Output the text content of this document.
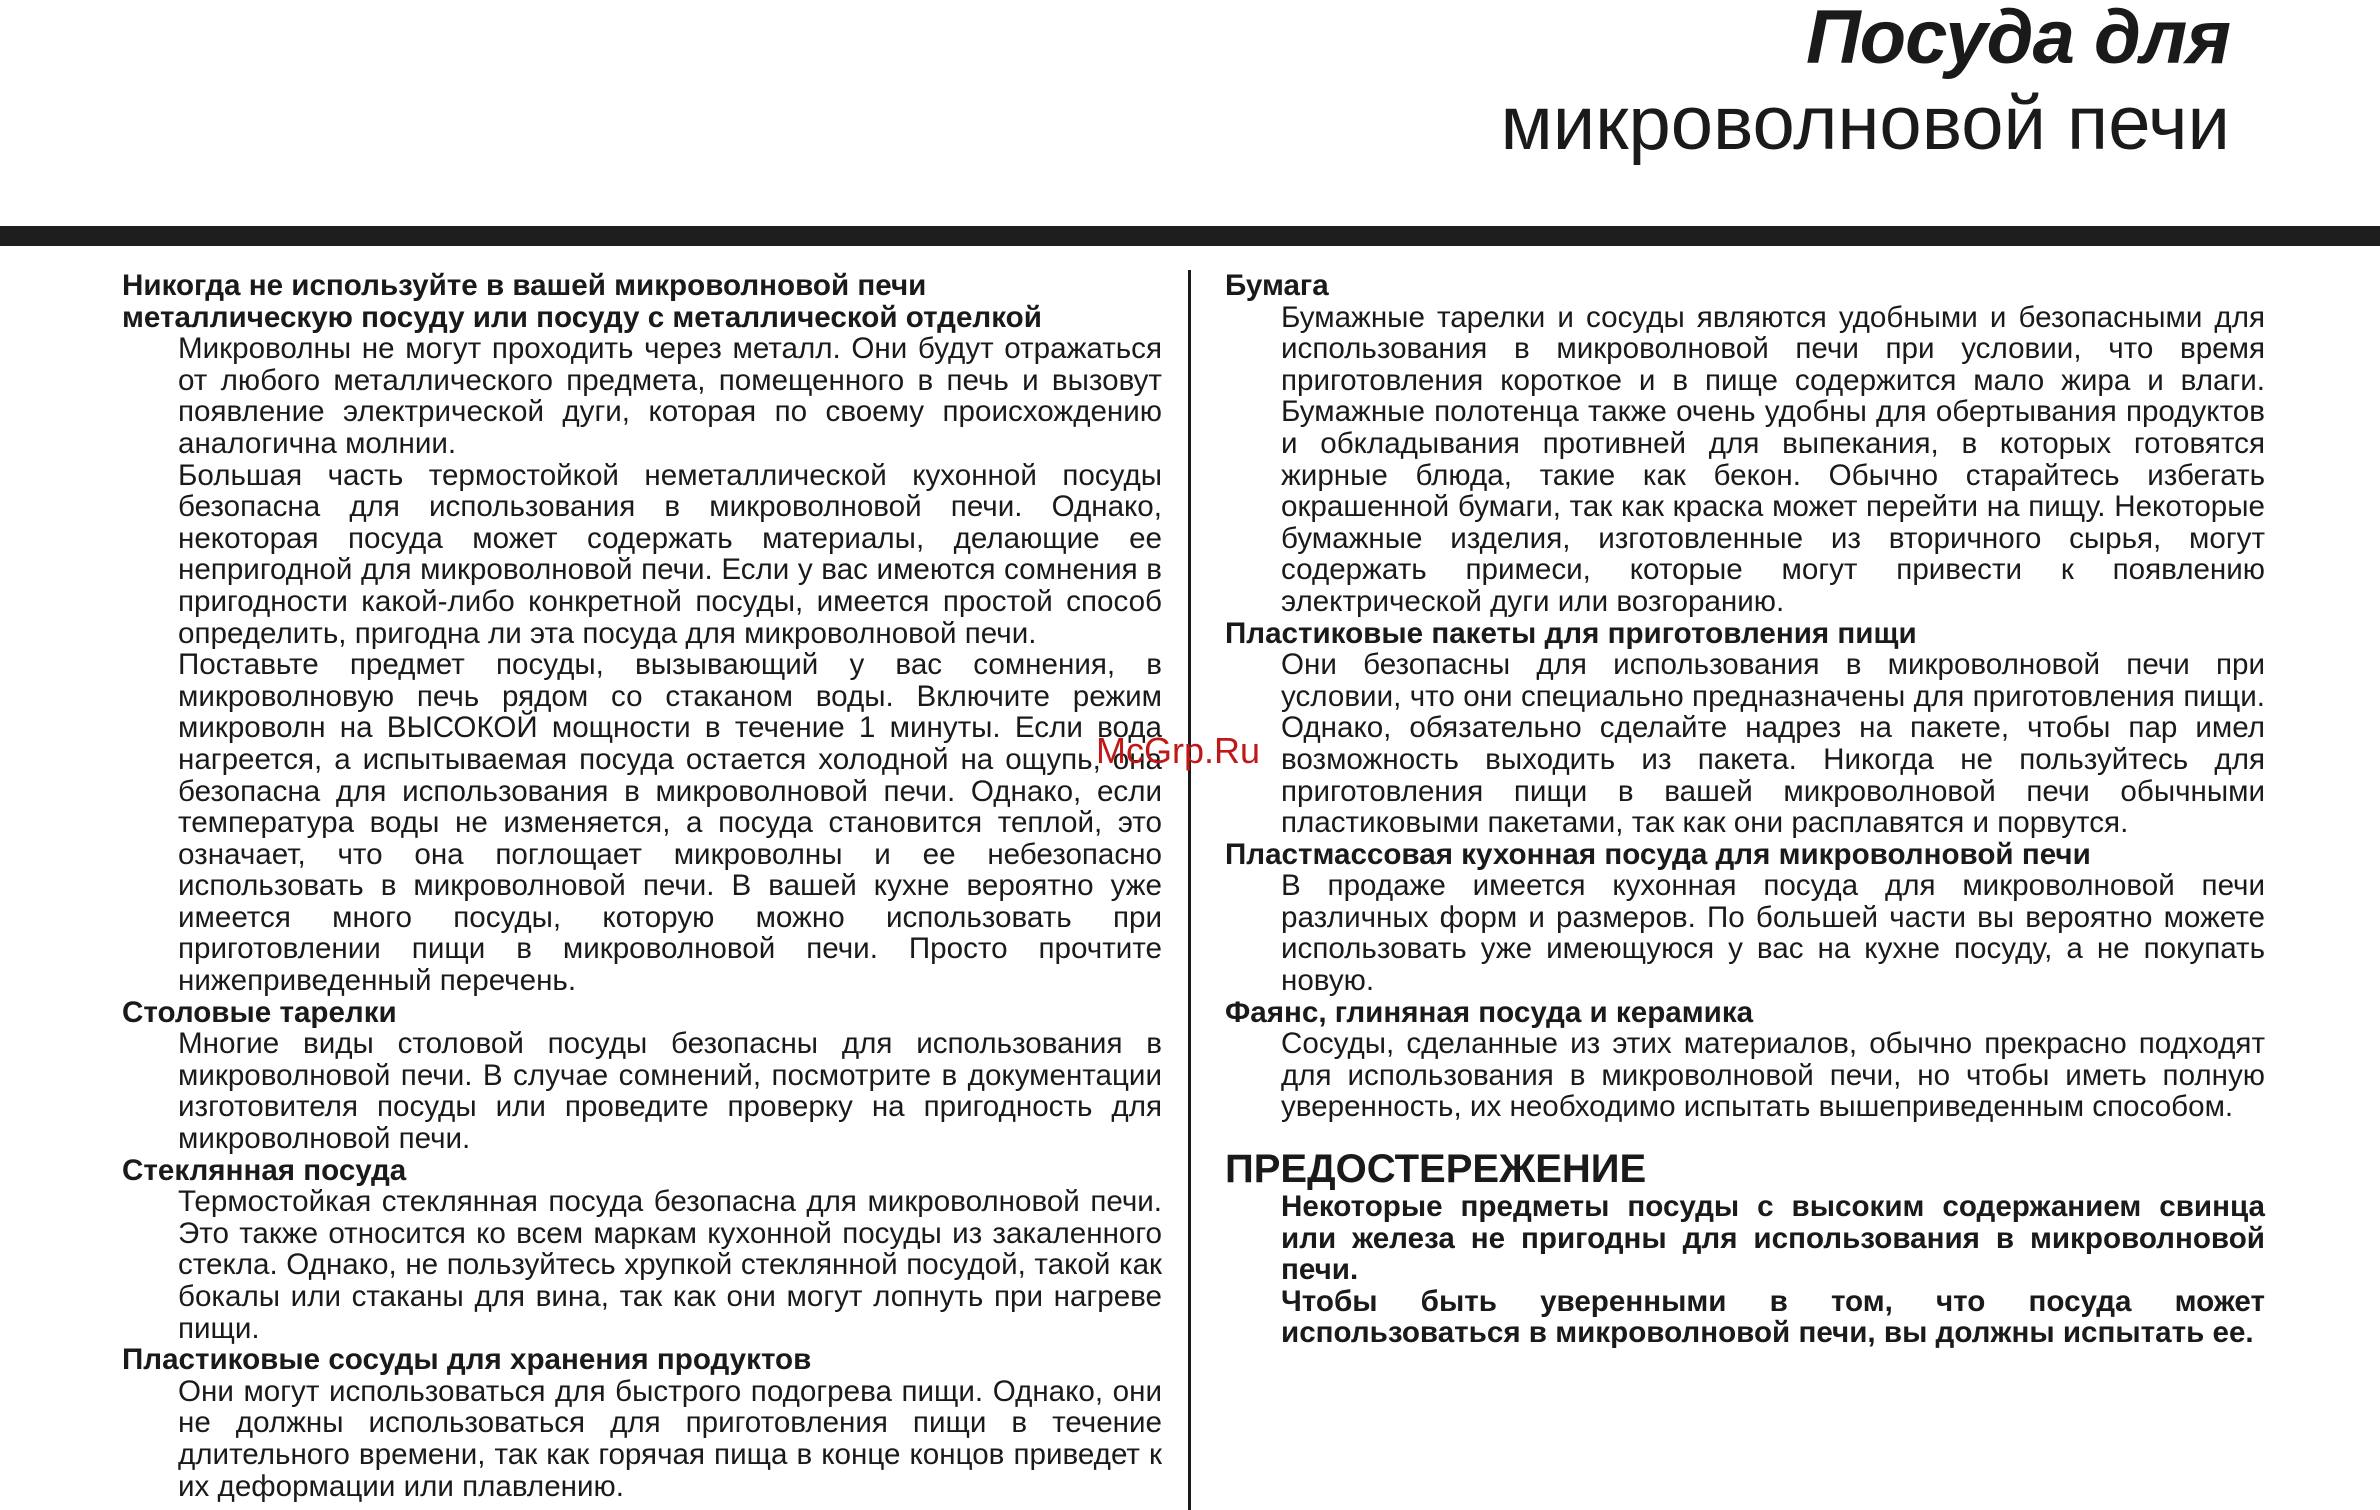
Посуда для
микроволновой печи

Никогда не используйте в вашей микроволновой печи металлическую посуду или посуду с металлической отделкой

Микроволны не могут проходить через металл. Они будут отражаться от любого металлического предмета, помещенного в печь и вызовут появление электрической дуги, которая по своему происхождению аналогична молнии.

Большая часть термостойкой неметаллической кухонной посуды безопасна для использования в микроволновой печи. Однако, некоторая посуда может содержать материалы, делающие ее непригодной для микроволновой печи. Если у вас имеются сомнения в пригодности какой-либо конкретной посуды, имеется простой способ определить, пригодна ли эта посуда для микроволновой печи.

Поставьте предмет посуды, вызывающий у вас сомнения, в микроволновую печь рядом со стаканом воды. Включите режим микроволн на ВЫСОКОЙ мощности в течение 1 минуты. Если вода нагреется, а испытываемая посуда остается холодной на ощупь, она безопасна для использования в микроволновой печи. Однако, если температура воды не изменяется, а посуда становится теплой, это означает, что она поглощает микроволны и ее небезопасно использовать в микроволновой печи. В вашей кухне вероятно уже имеется много посуды, которую можно использовать при приготовлении пищи в микроволновой печи. Просто прочтите нижеприведенный перечень.

Столовые тарелки

Многие виды столовой посуды безопасны для использования в микроволновой печи. В случае сомнений, посмотрите в документации изготовителя посуды или проведите проверку на пригодность для микроволновой печи.

Стеклянная посуда

Термостойкая стеклянная посуда безопасна для микроволновой печи. Это также относится ко всем маркам кухонной посуды из закаленного стекла. Однако, не пользуйтесь хрупкой стеклянной посудой, такой как бокалы или стаканы для вина, так как они могут лопнуть при нагреве пищи.

Пластиковые сосуды для хранения продуктов

Они могут использоваться для быстрого подогрева пищи. Однако, они не должны использоваться для приготовления пищи в течение длительного времени, так как горячая пища в конце концов приведет к их деформации или плавлению.

Бумага

Бумажные тарелки и сосуды являются удобными и безопасными для использования в микроволновой печи при условии, что время приготовления короткое и в пище содержится мало жира и влаги. Бумажные полотенца также очень удобны для обертывания продуктов и обкладывания противней для выпекания, в которых готовятся жирные блюда, такие как бекон. Обычно старайтесь избегать окрашенной бумаги, так как краска может перейти на пищу. Некоторые бумажные изделия, изготовленные из вторичного сырья, могут содержать примеси, которые могут привести к появлению электрической дуги или возгоранию.

Пластиковые пакеты для приготовления пищи

Они безопасны для использования в микроволновой печи при условии, что они специально предназначены для приготовления пищи. Однако, обязательно сделайте надрез на пакете, чтобы пар имел возможность выходить из пакета. Никогда не пользуйтесь для приготовления пищи в вашей микроволновой печи обычными пластиковыми пакетами, так как они расплавятся и порвутся.

Пластмассовая кухонная посуда для микроволновой печи

В продаже имеется кухонная посуда для микроволновой печи различных форм и размеров. По большей части вы вероятно можете использовать уже имеющуюся у вас на кухне посуду, а не покупать новую.

Фаянс, глиняная посуда и керамика

Сосуды, сделанные из этих материалов, обычно прекрасно подходят для использования в микроволновой печи, но чтобы иметь полную уверенность, их необходимо испытать вышеприведенным способом.

ПРЕДОСТЕРЕЖЕНИЕ

Некоторые предметы посуды с высоким содержанием свинца или железа не пригодны для использования в микроволновой печи.

Чтобы быть уверенными в том, что посуда может использоваться в микроволновой печи, вы должны испытать ее.

McGrp.Ru
